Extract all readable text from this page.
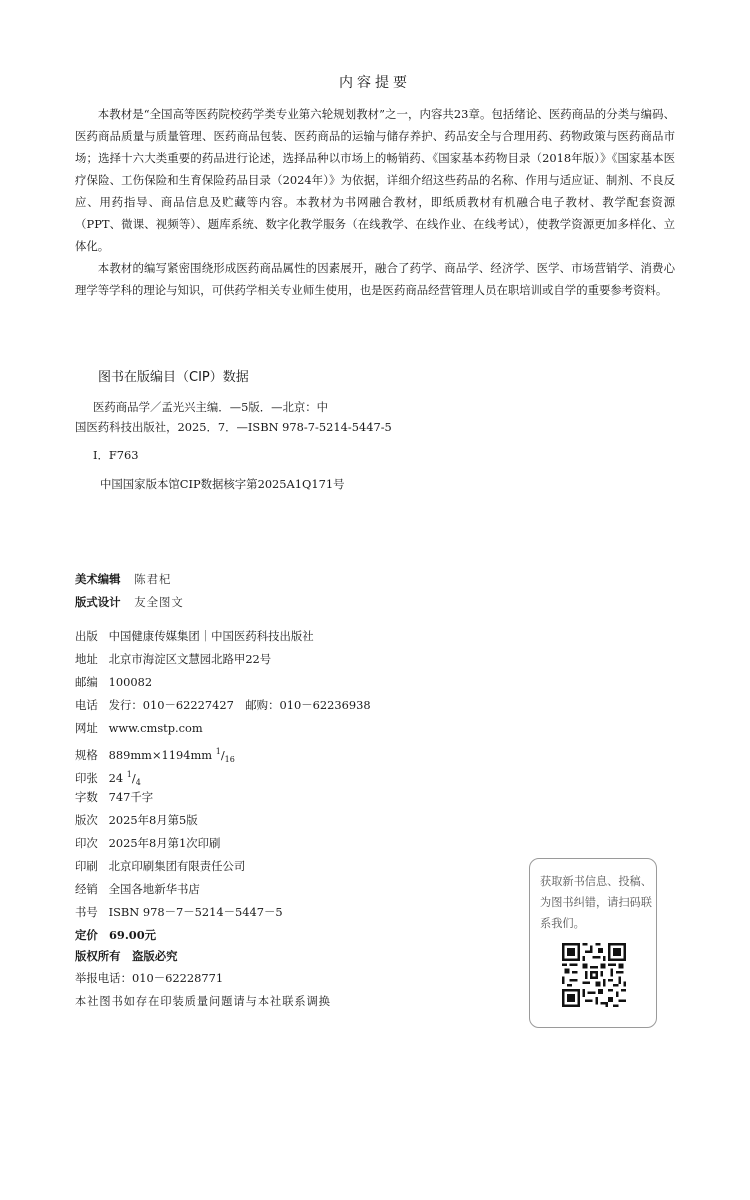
内容提要

本教材是“全国高等医药院校药学类专业第六轮规划教材”之一，内容共23章。包括绪论、医药商品的分类与编码、医药商品质量与质量管理、医药商品包装、医药商品的运输与储存养护、药品安全与合理用药、药物政策与医药商品市场；选择十六大类重要的药品进行论述，选择品种以市场上的畅销药、《国家基本药物目录（2018年版）》《国家基本医疗保险、工伤保险和生育保险药品目录（2024年）》为依据，详细介绍这些药品的名称、作用与适应证、制剂、不良反应、用药指导、商品信息及贮藏等内容。本教材为书网融合教材，即纸质教材有机融合电子教材、教学配套资源（PPT、微课、视频等）、题库系统、数字化教学服务（在线教学、在线作业、在线考试），使教学资源更加多样化、立体化。

本教材的编写紧密围绕形成医药商品属性的因素展开，融合了药学、商品学、经济学、医学、市场营销学、消费心理学等学科的理论与知识，可供药学相关专业师生使用，也是医药商品经营管理人员在职培训或自学的重要参考资料。

图书在版编目（CIP）数据
医药商品学／孟光兴主编．—5版．—北京：中
国医药科技出版社，2025．7．—ISBN 978-7-5214-5447-5
Ⅰ．F763
中国国家版本馆CIP数据核字第2025A1Q171号
美术编辑 陈君杞
版式设计 友全图文
出版 中国健康传媒集团｜中国医药科技出版社
地址 北京市海淀区文慧园北路甲22号
邮编 100082
电话 发行：010－62227427　邮购：010－62236938
网址 www.cmstp.com
规格 889mm×1194mm $^1/_{16}$
印张 24 $^1/_4$
字数 747千字
版次 2025年8月第5版
印次 2025年8月第1次印刷
印刷 北京印刷集团有限责任公司
经销 全国各地新华书店
书号 ISBN 978－7－5214－5447－5
定价 69.00元
版权所有　盗版必究
举报电话：010－62228771
本社图书如存在印装质量问题请与本社联系调换
获取新书信息、投稿、为图书纠错，请扫码联系我们。
